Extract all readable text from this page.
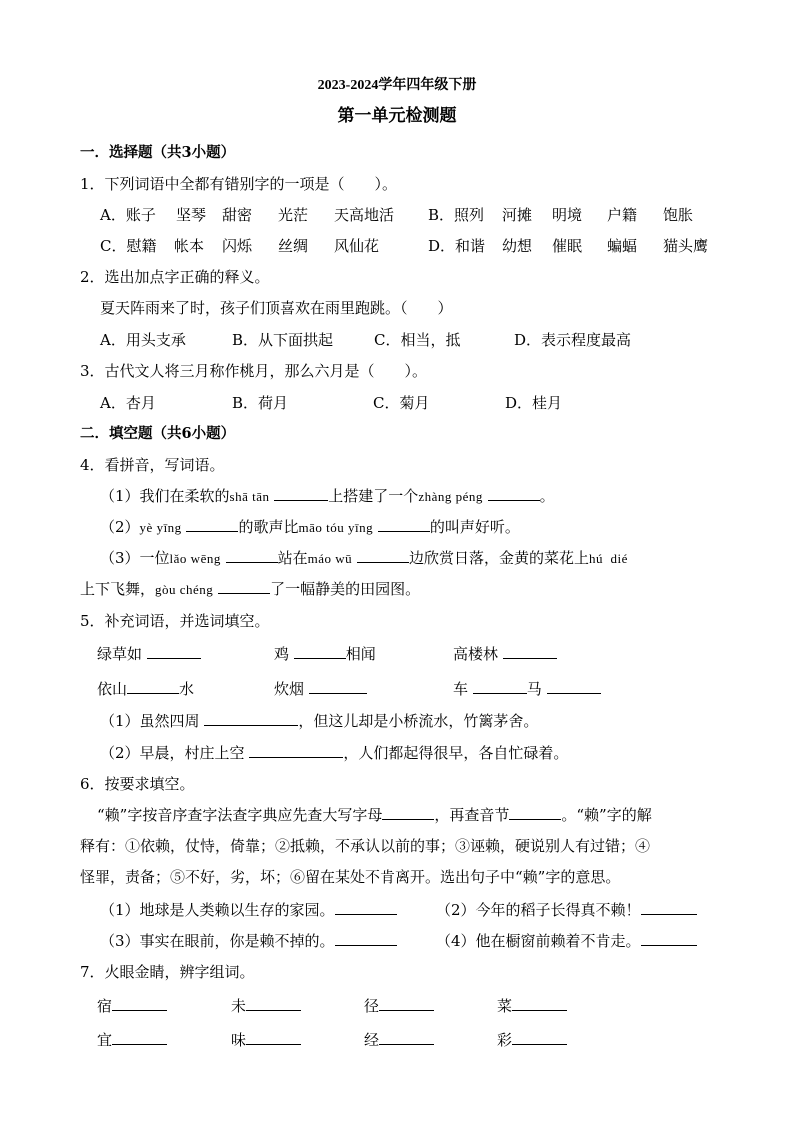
2023-2024学年四年级下册
第一单元检测题
一．选择题（共3小题）
1．下列词语中全都有错别字的一项是（　　）。
A．账子 坚琴 甜密 光茫 天高地活 B．照列 河摊 明境 户籍 饱胀
C．慰籍 帐本 闪烁 丝绸 风仙花	D．和谐 幼想 催眠 蝙蝠 猫头鹰
2．选出加点字正确的释义。
夏天阵雨来了时，孩子们顶喜欢在雨里跑跳。（　　）
A．用头支承	B．从下面拱起	C．相当，抵	D．表示程度最高
3．古代文人将三月称作桃月，那么六月是（　　）。
A．杏月	B．荷月	C．菊月	D．桂月
二．填空题（共6小题）
4．看拼音，写词语。
（1）我们在柔软的shā tān	上搭建了一个zhàng péng	。
（2）yè yīng	的歌声比māo tóu yīng	的叫声好听。
（3）一位lǎo wēng	站在máo wū	边欣赏日落，金黄的菜花上hú  dié
上下飞舞，gòu chéng	了一幅静美的田园图。
5．补充词语，并选词填空。
绿草如	鸡	相闻	高楼林
依山	水	炊烟	车	马
（1）虽然四周	，但这儿却是小桥流水，竹篱茅舍。
（2）早晨，村庄上空	，人们都起得很早，各自忙碌着。
6．按要求填空。
“赖”字按音序查字法查字典应先查大写字母	，再查音节	。“赖”字的解
释有：①依赖，仗恃，倚靠；②抵赖，不承认以前的事；③诬赖，硬说别人有过错；④
怪罪，责备；⑤不好，劣，坏；⑥留在某处不肯离开。选出句子中“赖”字的意思。
（1）地球是人类赖以生存的家园。	（2）今年的稻子长得真不赖！
（3）事实在眼前，你是赖不掉的。	（4）他在橱窗前赖着不肯走。
7．火眼金睛，辨字组词。
宿	未	径	菜
宜	味	经	彩
